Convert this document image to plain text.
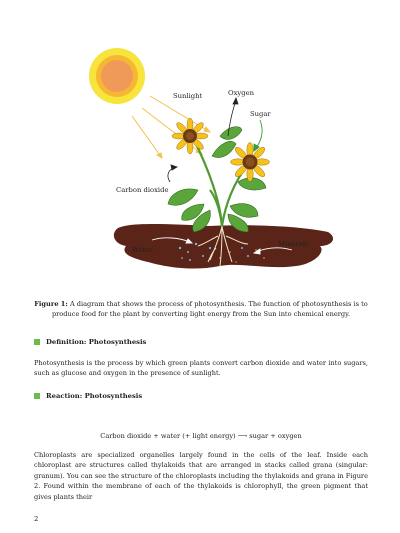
Sunlight	Oxygen
Sugar
Carbon dioxide
Minerals
Water
Figure 1: A diagram that shows the process of photosynthesis. The function of photosynthesis is to produce food for the plant by converting light energy from the Sun into chemical energy.
Definition: Photosynthesis
Photosynthesis is the process by which green plants convert carbon dioxide and water into sugars, such as glucose and oxygen in the presence of sunlight.
Reaction: Photosynthesis
Carbon dioxide + water (+ light energy) ⟶ sugar + oxygen
Chloroplasts are specialized organelles largely found in the cells of the leaf. Inside each chloroplast are structures called thylakoids that are arranged in stacks called grana (singular: granum). You can see the structure of the chloroplasts including the thylakoids and grana in Figure 2. Found within the membrane of each of the thylakoids is chlorophyll, the green pigment that gives plants their
2
